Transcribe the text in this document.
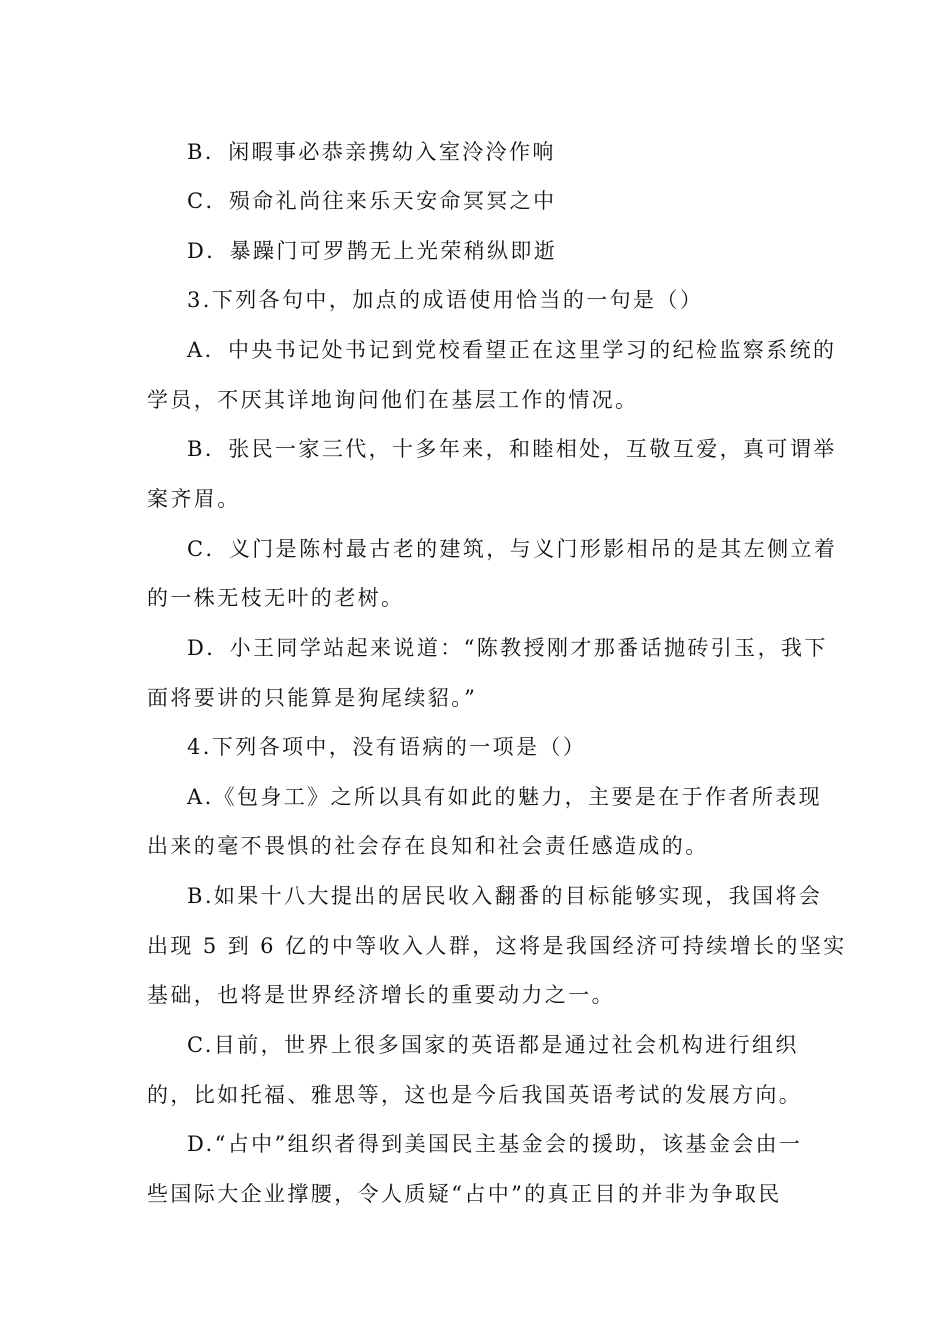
B．闲暇事必恭亲携幼入室泠泠作响
C．殒命礼尚往来乐天安命冥冥之中
D．暴躁门可罗鹊无上光荣稍纵即逝
3.下列各句中，加点的成语使用恰当的一句是（）
A．中央书记处书记到党校看望正在这里学习的纪检监察系统的
学员，不厌其详地询问他们在基层工作的情况。
B．张民一家三代，十多年来，和睦相处，互敬互爱，真可谓举
案齐眉。
C．义门是陈村最古老的建筑，与义门形影相吊的是其左侧立着
的一株无枝无叶的老树。
D．小王同学站起来说道：“陈教授刚才那番话抛砖引玉，我下
面将要讲的只能算是狗尾续貂。”
4.下列各项中，没有语病的一项是（）
A.《包身工》之所以具有如此的魅力，主要是在于作者所表现
出来的毫不畏惧的社会存在良知和社会责任感造成的。
B.如果十八大提出的居民收入翻番的目标能够实现，我国将会
出现 5 到 6 亿的中等收入人群，这将是我国经济可持续增长的坚实
基础，也将是世界经济增长的重要动力之一。
C.目前，世界上很多国家的英语都是通过社会机构进行组织
的，比如托福、雅思等，这也是今后我国英语考试的发展方向。
D.“占中”组织者得到美国民主基金会的援助，该基金会由一
些国际大企业撑腰，令人质疑“占中”的真正目的并非为争取民
